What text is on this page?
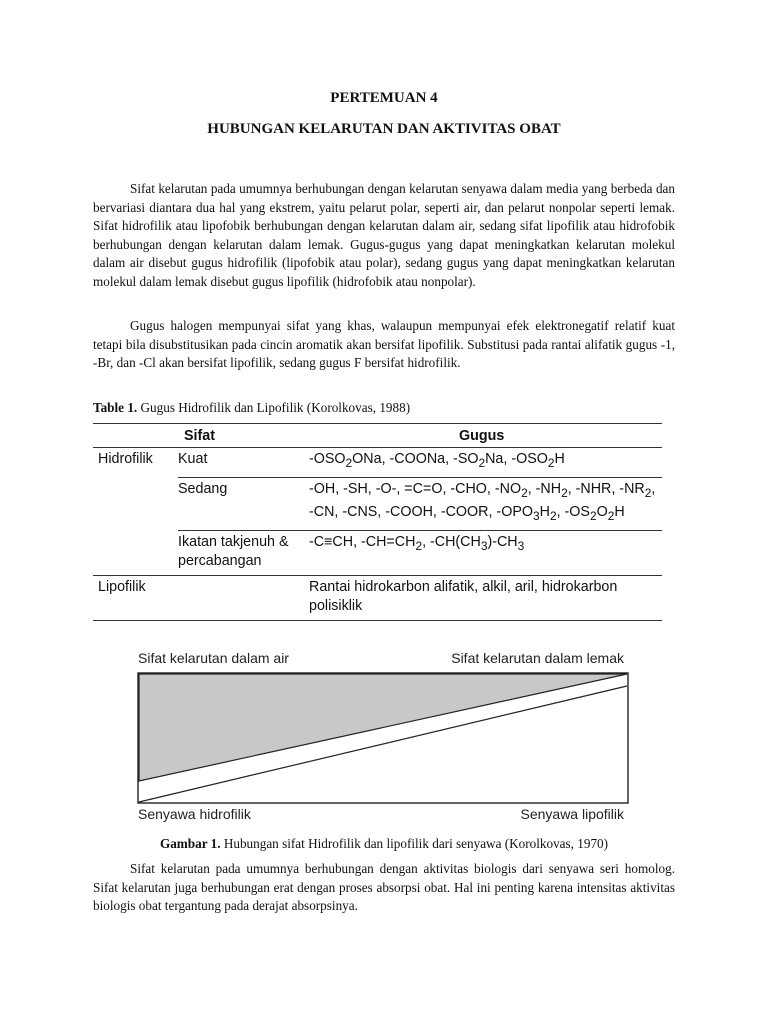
PERTEMUAN 4
HUBUNGAN KELARUTAN DAN AKTIVITAS OBAT

Sifat kelarutan pada umumnya berhubungan dengan kelarutan senyawa dalam media yang berbeda dan bervariasi diantara dua hal yang ekstrem, yaitu pelarut polar, seperti air, dan pelarut nonpolar seperti lemak. Sifat hidrofilik atau lipofobik berhubungan dengan kelarutan dalam air, sedang sifat lipofilik atau hidrofobik berhubungan dengan kelarutan dalam lemak. Gugus-gugus yang dapat meningkatkan kelarutan molekul dalam air disebut gugus hidrofilik (lipofobik atau polar), sedang gugus yang dapat meningkatkan kelarutan molekul dalam lemak disebut gugus lipofilik (hidrofobik atau nonpolar).

Gugus halogen mempunyai sifat yang khas, walaupun mempunyai efek elektronegatif relatif kuat tetapi bila disubstitusikan pada cincin aromatik akan bersifat lipofilik. Substitusi pada rantai alifatik gugus -1, -Br, dan -Cl akan bersifat lipofilik, sedang gugus F bersifat hidrofilik.

Table 1. Gugus Hidrofilik dan Lipofilik (Korolkovas, 1988)
	Sifat	Gugus
Hidrofilik	Kuat	$-OSO_2ONa$, -COONa, $-SO_2Na$, $-OSO_2H$
	Sedang	-OH, -SH, -O-, =C=O, -CHO, $-NO_2$, $-NH_2$, -NHR, $-NR_2$, -CN, -CNS, -COOH, -COOR, $-OPO_3H_2$, $-OS_2O_2H$
	Ikatan takjenuh & percabangan	-C≡CH, $-CH=CH_2$, $-CH(CH_3)-CH_3$
Lipofilik		Rantai hidrokarbon alifatik, alkil, aril, hidrokarbon polisiklik
Sifat kelarutan dalam air	Sifat kelarutan dalam lemak
Senyawa hidrofilik	Senyawa lipofilik
Gambar 1. Hubungan sifat Hidrofilik dan lipofilik dari senyawa (Korolkovas, 1970)

Sifat kelarutan pada umumnya berhubungan dengan aktivitas biologis dari senyawa seri homolog. Sifat kelarutan juga berhubungan erat dengan proses absorpsi obat. Hal ini penting karena intensitas aktivitas biologis obat tergantung pada derajat absorpsinya.
